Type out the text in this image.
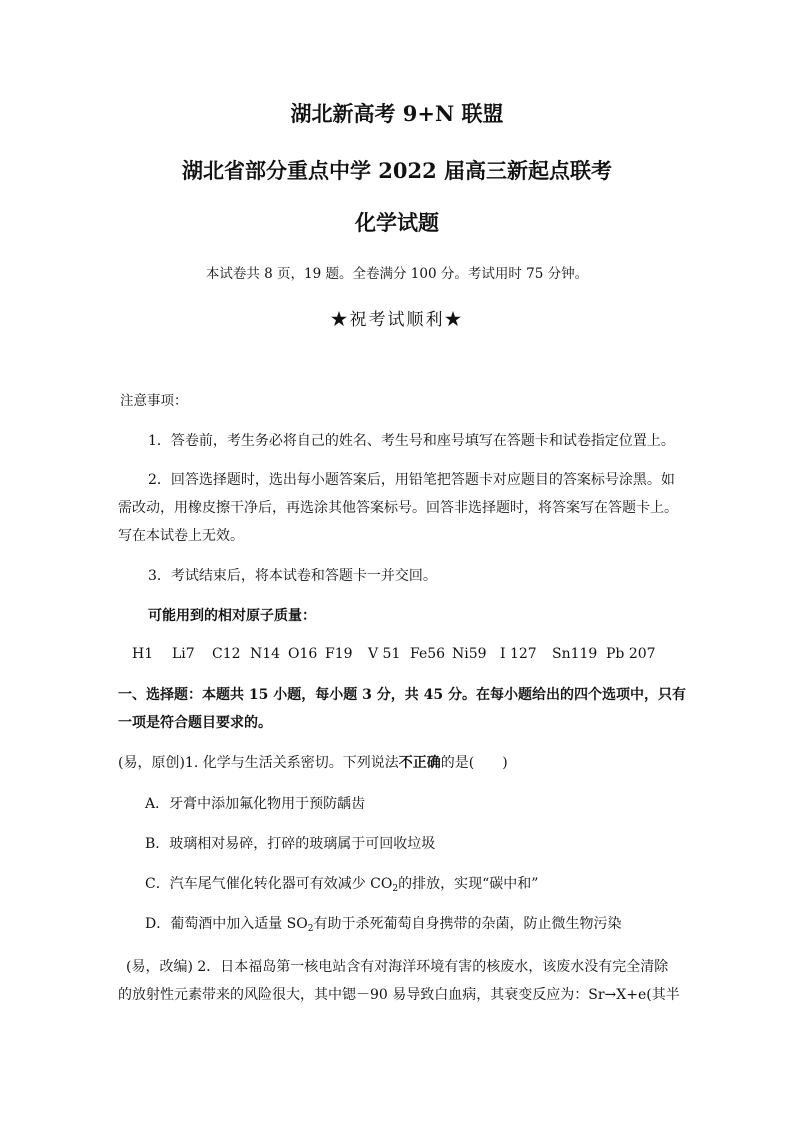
湖北新高考 9+N 联盟
湖北省部分重点中学 2022 届高三新起点联考
化学试题
本试卷共 8 页，19 题。全卷满分 100 分。考试用时 75 分钟。
★祝考试顺利★
注意事项：
1．答卷前，考生务必将自己的姓名、考生号和座号填写在答题卡和试卷指定位置上。
2．回答选择题时，选出每小题答案后，用铅笔把答题卡对应题目的答案标号涂黑。如
需改动，用橡皮擦干净后，再选涂其他答案标号。回答非选择题时，将答案写在答题卡上。
写在本试卷上无效。
3．考试结束后，将本试卷和答题卡一并交回。
可能用到的相对原子质量：
H1 Li7 C12 N14 O16 F19 V 51 Fe56 Ni59 I 127 Sn119 Pb 207
一、选择题：本题共 15 小题，每小题 3 分，共 45 分。在每小题给出的四个选项中，只有
一项是符合题目要求的。
(易，原创)1. 化学与生活关系密切。下列说法不正确的是(　　)
A．牙膏中添加氟化物用于预防龋齿
B．玻璃相对易碎，打碎的玻璃属于可回收垃圾
C．汽车尾气催化转化器可有效减少 $CO_2$的排放，实现“碳中和”
D．葡萄酒中加入适量 $SO_2$有助于杀死葡萄自身携带的杂菌，防止微生物污染
(易，改编) 2．日本福岛第一核电站含有对海洋环境有害的核废水，该废水没有完全清除
的放射性元素带来的风险很大，其中锶－90 易导致白血病，其衰变反应为：Sr→X+e(其半
